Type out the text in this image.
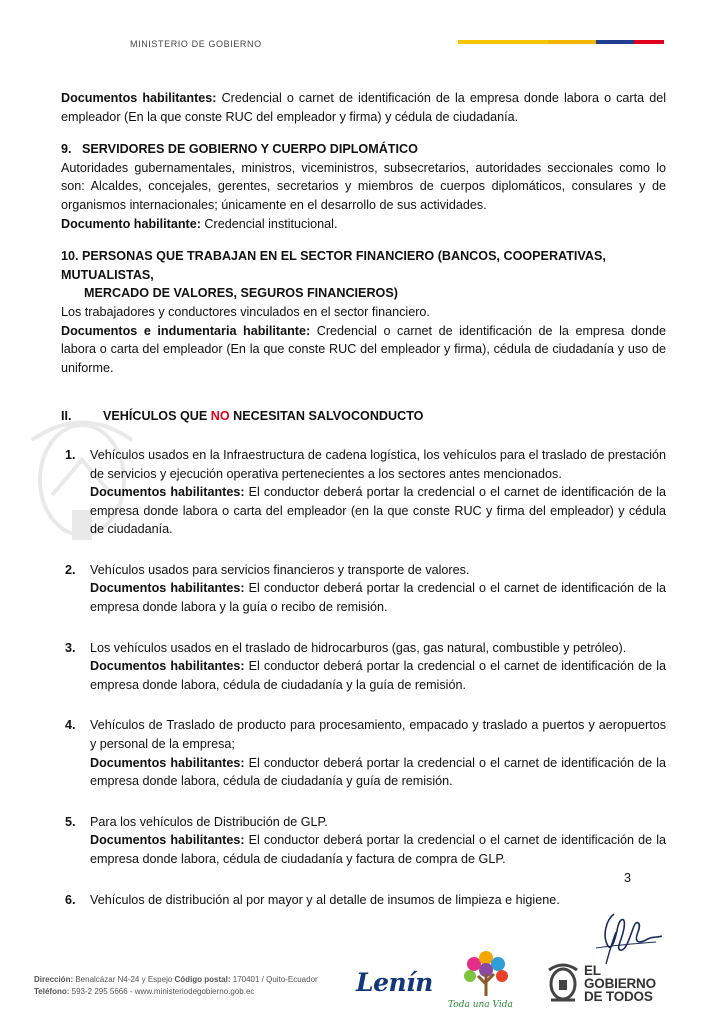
MINISTERIO DE GOBIERNO

Documentos habilitantes: Credencial o carnet de identificación de la empresa donde labora o carta del empleador (En la que conste RUC del empleador y firma) y cédula de ciudadanía.

9.   SERVIDORES DE GOBIERNO Y CUERPO DIPLOMÁTICO

Autoridades gubernamentales, ministros, viceministros, subsecretarios, autoridades seccionales como lo son: Alcaldes, concejales, gerentes, secretarios y miembros de cuerpos diplomáticos, consulares y de organismos internacionales; únicamente en el desarrollo de sus actividades.

Documento habilitante: Credencial institucional.

10. PERSONAS QUE TRABAJAN EN EL SECTOR FINANCIERO (BANCOS, COOPERATIVAS, MUTUALISTAS,
MERCADO DE VALORES, SEGUROS FINANCIEROS)

Los trabajadores y conductores vinculados en el sector financiero.

Documentos e indumentaria habilitante: Credencial o carnet de identificación de la empresa donde labora o carta del empleador (En la que conste RUC del empleador y firma), cédula de ciudadanía y uso de uniforme.

II.	VEHÍCULOS QUE NO NECESITAN SALVOCONDUCTO
1.	Vehículos usados en la Infraestructura de cadena logística, los vehículos para el traslado de prestación de servicios y ejecución operativa pertenecientes a los sectores antes mencionados.

Documentos habilitantes: El conductor deberá portar la credencial o el carnet de identificación de la empresa donde labora o carta del empleador (en la que conste RUC y firma del empleador) y cédula de ciudadanía.

2.	Vehículos usados para servicios financieros y transporte de valores.

Documentos habilitantes: El conductor deberá portar la credencial o el carnet de identificación de la empresa donde labora y la guía o recibo de remisión.

3.	Los vehículos usados en el traslado de hidrocarburos (gas, gas natural, combustible y petróleo).

Documentos habilitantes: El conductor deberá portar la credencial o el carnet de identificación de la empresa donde labora, cédula de ciudadanía y la guía de remisión.

4.	Vehículos de Traslado de producto para procesamiento, empacado y traslado a puertos y aeropuertos y personal de la empresa;

Documentos habilitantes: El conductor deberá portar la credencial o el carnet de identificación de la empresa donde labora, cédula de ciudadanía y guía de remisión.

5.	Para los vehículos de Distribución de GLP.

Documentos habilitantes: El conductor deberá portar la credencial o el carnet de identificación de la empresa donde labora, cédula de ciudadanía y factura de compra de GLP.

6.	Vehículos de distribución al por mayor y al detalle de insumos de limpieza e higiene.

3
Dirección: Benalcázar N4-24 y Espejo Código postal: 170401 / Quito-Ecuador
Teléfono: 593-2 295 5666 - www.ministeriodegobierno.gob.ec	Lenín
Toda una Vida
EL
GOBIERNO
DE TODOS
